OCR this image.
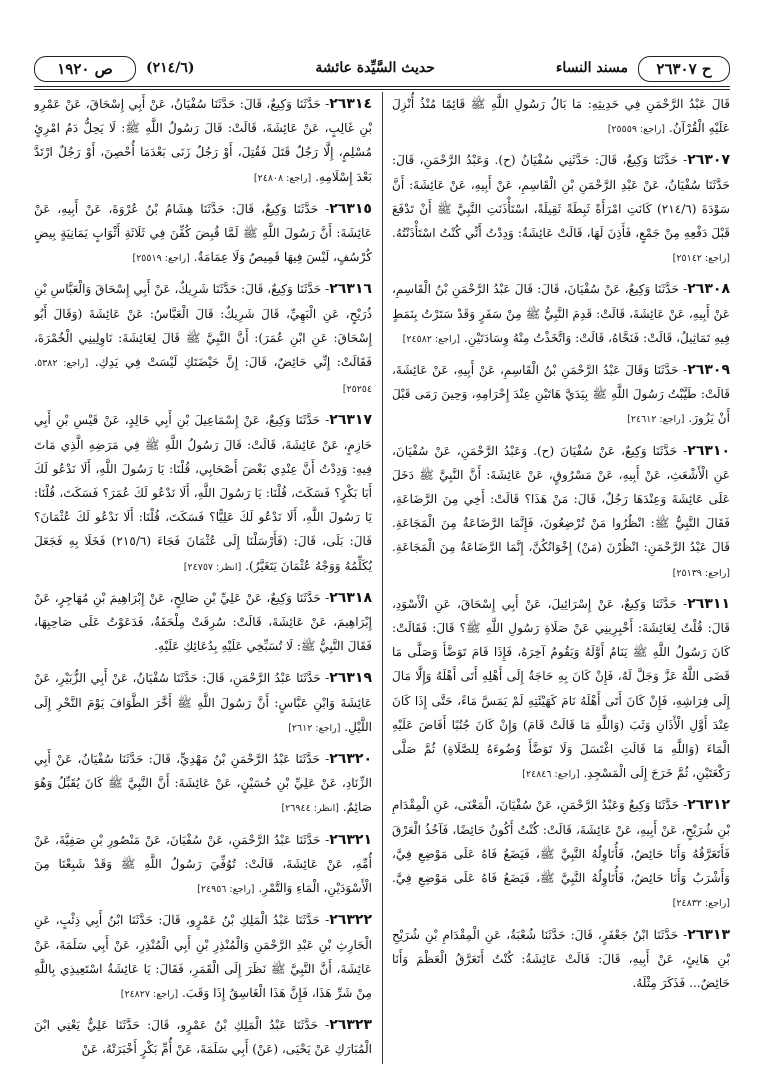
ح ٢٦٣٠٧
مسند النساء
حديث السَّيِّدة عائشة
(٢١٤/٦)
ص ١٩٢٠
قَالَ عَبْدُ الرَّحْمَنِ فِي حَدِيثِهِ: مَا بَالُ رَسُولِ اللَّهِ ﷺ قَائِمًا مُنْذُ أُنْزِلَ عَلَيْهِ الْقُرْآنُ. [راجع: ٢٥٥٥٩]
٢٦٣٠٧- حَدَّثَنَا وَكِيعٌ، قَالَ: حَدَّثَنِي سُفْيَانُ (ح). وَعَبْدُ الرَّحْمَنِ، قَالَ: حَدَّثَنَا سُفْيَانُ، عَنْ عَبْدِ الرَّحْمَنِ بْنِ الْقَاسِمِ، عَنْ أَبِيهِ، عَنْ عَائِشَةَ: أَنَّ سَوْدَةَ (٢١٤/٦) كَانَتِ امْرَأَةً ثَبِطَةً ثَقِيلَةً، اسْتَأْذَنَتِ النَّبِيَّ ﷺ أَنْ تَدْفَعَ قَبْلَ دَفْعِهِ مِنْ جَمْعٍ، فَأَذِنَ لَهَا، قَالَتْ عَائِشَةُ: وَدِدْتُ أَنِّي كُنْتُ اسْتَأْذَنْتُهُ. [راجع: ٢٥١٤٢]
٢٦٣٠٨- حَدَّثَنَا وَكِيعٌ، عَنْ سُفْيَانَ، قَالَ: قَالَ عَبْدُ الرَّحْمَنِ بْنُ الْقَاسِمِ، عَنْ أَبِيهِ، عَنْ عَائِشَةَ، قَالَتْ: قَدِمَ النَّبِيُّ ﷺ مِنْ سَفَرٍ وَقَدْ سَتَرْتُ بِنَمَطٍ فِيهِ تَمَاثِيلُ، قَالَتْ: فَنَحَّاهُ، قَالَتْ: وَاتَّخَذْتُ مِنْهُ وِسَادَتَيْنِ. [راجع: ٢٤٥٨٢]
٢٦٣٠٩- حَدَّثَنَا وَقَالَ عَبْدُ الرَّحْمَنِ بْنُ الْقَاسِمِ، عَنْ أَبِيهِ، عَنْ عَائِشَةَ، قَالَتْ: طَيَّبْتُ رَسُولَ اللَّهِ ﷺ بِيَدَيَّ هَاتَيْنِ عِنْدَ إِحْرَامِهِ، وَحِينَ رَمَى قَبْلَ أَنْ يَزُورَ. [راجع: ٢٤٦١٢]
٢٦٣١٠- حَدَّثَنَا وَكِيعٌ، عَنْ سُفْيَانَ (ح). وَعَبْدُ الرَّحْمَنِ، عَنْ سُفْيَانَ، عَنِ الْأَشْعَثِ، عَنْ أَبِيهِ، عَنْ مَسْرُوقٍ، عَنْ عَائِشَةَ: أَنَّ النَّبِيَّ ﷺ دَخَلَ عَلَى عَائِشَةَ وَعِنْدَهَا رَجُلٌ، قَالَ: مَنْ هَذَا؟ قَالَتْ: أَخِي مِنَ الرَّضَاعَةِ، فَقَالَ النَّبِيُّ ﷺ: انْظُرُوا مَنْ تُرْضِعُونَ، فَإِنَّمَا الرَّضَاعَةُ مِنَ الْمَجَاعَةِ. قَالَ عَبْدُ الرَّحْمَنِ: انْظُرْنَ (مَنْ) إِخْوَانُكُنَّ، إِنَّمَا الرَّضَاعَةُ مِنَ الْمَجَاعَةِ. [راجع: ٢٥١٣٩]
٢٦٣١١- حَدَّثَنَا وَكِيعٌ، عَنْ إِسْرَائِيلَ، عَنْ أَبِي إِسْحَاقَ، عَنِ الْأَسْوَدِ، قَالَ: قُلْتُ لِعَائِشَةَ: أَخْبِرِينِي عَنْ صَلَاةِ رَسُولِ اللَّهِ ﷺ؟ قَالَ: فَقَالَتْ: كَانَ رَسُولُ اللَّهِ ﷺ يَنَامُ أَوَّلَهُ وَيَقُومُ آخِرَهُ، فَإِذَا قَامَ تَوَضَّأَ وَصَلَّى مَا قَضَى اللَّهُ عَزَّ وَجَلَّ لَهُ، فَإِنْ كَانَ بِهِ حَاجَةٌ إِلَى أَهْلِهِ أَتَى أَهْلَهُ وَإِلَّا مَالَ إِلَى فِرَاشِهِ، فَإِنْ كَانَ أَتَى أَهْلَهُ نَامَ كَهَيْئَتِهِ لَمْ يَمَسَّ مَاءً، حَتَّى إِذَا كَانَ عِنْدَ أَوَّلِ الْأَذَانِ وَثَبَ (وَاللَّهِ مَا قَالَتْ قَامَ) وَإِنْ كَانَ جُنُبًا أَفَاضَ عَلَيْهِ الْمَاءَ (وَاللَّهِ مَا قَالَتِ اغْتَسَلَ وَلَا تَوَضَّأَ وُضُوءَهُ لِلصَّلَاةِ) ثُمَّ صَلَّى رَكْعَتَيْنِ، ثُمَّ خَرَجَ إِلَى الْمَسْجِدِ. [راجع: ٢٤٨٤٦]
٢٦٣١٢- حَدَّثَنَا وَكِيعٌ وَعَبْدُ الرَّحْمَنِ، عَنْ سُفْيَانَ، الْمَعْنَى، عَنِ الْمِقْدَامِ بْنِ شُرَيْحٍ، عَنْ أَبِيهِ، عَنْ عَائِشَةَ، قَالَتْ: كُنْتُ أَكُونُ حَائِضًا، فَآخُذُ الْعَرْقَ فَأَتَعَرَّقُهُ وَأَنَا حَائِضٌ، فَأُنَاوِلُهُ النَّبِيَّ ﷺ، فَيَضَعُ فَاهُ عَلَى مَوْضِعِ فِيَّ، وَأَشْرَبُ وَأَنَا حَائِضٌ، فَأُنَاوِلُهُ النَّبِيَّ ﷺ، فَيَضَعُ فَاهُ عَلَى مَوْضِعِ فِيَّ. [راجع: ٢٤٨٣٢]
٢٦٣١٣- حَدَّثَنَا ابْنُ جَعْفَرٍ، قَالَ: حَدَّثَنَا شُعْبَةُ، عَنِ الْمِقْدَامِ بْنِ شُرَيْحِ بْنِ هَانِئٍ، عَنْ أَبِيهِ، قَالَ: قَالَتْ عَائِشَةُ: كُنْتُ أَتَعَرَّقُ الْعَظْمَ وَأَنَا حَائِضٌ... فَذَكَرَ مِثْلَهُ.
٢٦٣١٤- حَدَّثَنَا وَكِيعٌ، قَالَ: حَدَّثَنَا سُفْيَانُ، عَنْ أَبِي إِسْحَاقَ، عَنْ عَمْرِو بْنِ غَالِبٍ، عَنْ عَائِشَةَ، قَالَتْ: قَالَ رَسُولُ اللَّهِ ﷺ: لَا يَحِلُّ دَمُ امْرِئٍ مُسْلِمٍ، إِلَّا رَجُلٌ قَتَلَ فَقُتِلَ، أَوْ رَجُلٌ زَنَى بَعْدَمَا أُحْصِنَ، أَوْ رَجُلٌ ارْتَدَّ بَعْدَ إِسْلَامِهِ. [راجع: ٢٤٨٠٨]
٢٦٣١٥- حَدَّثَنَا وَكِيعٌ، قَالَ: حَدَّثَنَا هِشَامُ بْنُ عُرْوَةَ، عَنْ أَبِيهِ، عَنْ عَائِشَةَ: أَنَّ رَسُولَ اللَّهِ ﷺ لَمَّا قُبِضَ كُفِّنَ فِي ثَلَاثَةِ أَثْوَابٍ يَمَانِيَةٍ بِيضٍ كُرْسُفٍ، لَيْسَ فِيهَا قَمِيصٌ وَلَا عِمَامَةٌ. [راجع: ٢٥٥١٩]
٢٦٣١٦- حَدَّثَنَا وَكِيعٌ، قَالَ: حَدَّثَنَا شَرِيكٌ، عَنْ أَبِي إِسْحَاقَ وَالْعَبَّاسِ بْنِ ذُرَيْحٍ، عَنِ الْبَهِيِّ، قَالَ شَرِيكٌ: قَالَ الْعَبَّاسُ: عَنْ عَائِشَةَ (وَقَالَ أَبُو إِسْحَاقَ: عَنِ ابْنِ عُمَرَ): أَنَّ النَّبِيَّ ﷺ قَالَ لِعَائِشَةَ: نَاوِلِينِي الْخُمْرَةَ، فَقَالَتْ: إِنِّي حَائِضٌ، قَالَ: إِنَّ حَيْضَتَكِ لَيْسَتْ فِي يَدِكِ. [راجع: ٥٣٨٢، ٢٥٢٥٤]
٢٦٣١٧- حَدَّثَنَا وَكِيعٌ، عَنْ إِسْمَاعِيلَ بْنِ أَبِي خَالِدٍ، عَنْ قَيْسِ بْنِ أَبِي حَازِمٍ، عَنْ عَائِشَةَ، قَالَتْ: قَالَ رَسُولُ اللَّهِ ﷺ فِي مَرَضِهِ الَّذِي مَاتَ فِيهِ: وَدِدْتُ أَنَّ عِنْدِي بَعْضَ أَصْحَابِي، قُلْنَا: يَا رَسُولَ اللَّهِ، أَلَا نَدْعُو لَكَ أَبَا بَكْرٍ؟ فَسَكَتَ، قُلْنَا: يَا رَسُولَ اللَّهِ، أَلَا نَدْعُو لَكَ عُمَرَ؟ فَسَكَتَ، قُلْنَا: يَا رَسُولَ اللَّهِ، أَلَا نَدْعُو لَكَ عَلِيًّا؟ فَسَكَتَ، قُلْنَا: أَلَا نَدْعُو لَكَ عُثْمَانَ؟ قَالَ: بَلَى، قَالَ: (فَأَرْسَلْنَا إِلَى عُثْمَانَ فَجَاءَ (٢١٥/٦) فَخَلَا بِهِ فَجَعَلَ يُكَلِّمُهُ وَوَجْهُ عُثْمَانَ يَتَغَيَّرُ). [انظر: ٢٤٧٥٧]
٢٦٣١٨- حَدَّثَنَا وَكِيعٌ، عَنْ عَلِيِّ بْنِ صَالِحٍ، عَنْ إِبْرَاهِيمَ بْنِ مُهَاجِرٍ، عَنْ إِبْرَاهِيمَ، عَنْ عَائِشَةَ، قَالَتْ: سُرِقَتْ مِلْحَفَةٌ، فَدَعَوْتُ عَلَى صَاحِبِهَا، فَقَالَ النَّبِيُّ ﷺ: لَا تُسَبِّخِي عَلَيْهِ بِدُعَائِكِ عَلَيْهِ.
٢٦٣١٩- حَدَّثَنَا عَبْدُ الرَّحْمَنِ، قَالَ: حَدَّثَنَا سُفْيَانُ، عَنْ أَبِي الزُّبَيْرِ، عَنْ عَائِشَةَ وَابْنِ عَبَّاسٍ: أَنَّ رَسُولَ اللَّهِ ﷺ أَخَّرَ الطَّوَافَ يَوْمَ النَّحْرِ إِلَى اللَّيْلِ. [راجع: ٢٦١٢]
٢٦٣٢٠- حَدَّثَنَا عَبْدُ الرَّحْمَنِ بْنُ مَهْدِيٍّ، قَالَ: حَدَّثَنَا سُفْيَانُ، عَنْ أَبِي الزِّنَادِ، عَنْ عَلِيِّ بْنِ حُسَيْنٍ، عَنْ عَائِشَةَ: أَنَّ النَّبِيَّ ﷺ كَانَ يُقَبِّلُ وَهُوَ صَائِمٌ. [انظر: ٢٦٩٤٤]
٢٦٣٢١- حَدَّثَنَا عَبْدُ الرَّحْمَنِ، عَنْ سُفْيَانَ، عَنْ مَنْصُورِ بْنِ صَفِيَّةَ، عَنْ أُمِّهِ، عَنْ عَائِشَةَ، قَالَتْ: تُوُفِّيَ رَسُولُ اللَّهِ ﷺ وَقَدْ شَبِعْنَا مِنَ الْأَسْوَدَيْنِ، الْمَاءِ وَالتَّمْرِ. [راجع: ٢٤٩٥٦]
٢٦٣٢٢- حَدَّثَنَا عَبْدُ الْمَلِكِ بْنُ عَمْرٍو، قَالَ: حَدَّثَنَا ابْنُ أَبِي ذِئْبٍ، عَنِ الْحَارِثِ بْنِ عَبْدِ الرَّحْمَنِ وَالْمُنْذِرِ بْنِ أَبِي الْمُنْذِرِ، عَنْ أَبِي سَلَمَةَ، عَنْ عَائِشَةَ، أَنَّ النَّبِيَّ ﷺ نَظَرَ إِلَى الْقَمَرِ، فَقَالَ: يَا عَائِشَةُ اسْتَعِيذِي بِاللَّهِ مِنْ شَرِّ هَذَا، فَإِنَّ هَذَا الْغَاسِقُ إِذَا وَقَبَ. [راجع: ٢٤٨٢٧]
٢٦٣٢٣- حَدَّثَنَا عَبْدُ الْمَلِكِ بْنُ عَمْرٍو، قَالَ: حَدَّثَنَا عَلِيٌّ يَعْنِي ابْنَ الْمُبَارَكِ عَنْ يَحْيَى، (عَنْ) أَبِي سَلَمَةَ، عَنْ أُمِّ بَكْرٍ أَخْبَرَتْهُ، عَنْ
